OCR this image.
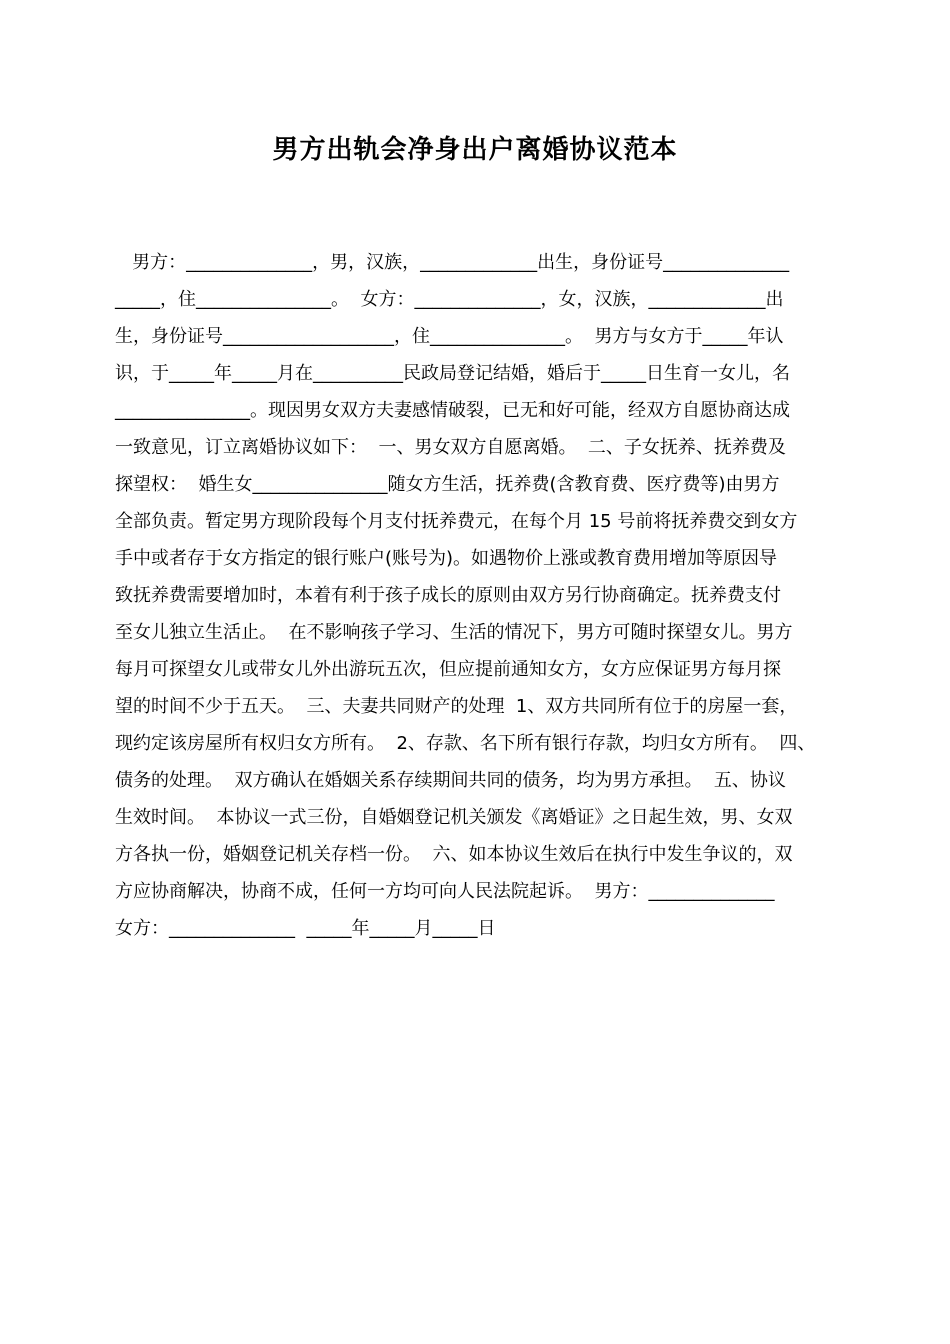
男方出轨会净身出户离婚协议范本

男方：______________，男，汉族，_____________出生，身份证号______________

_____，住_______________。  女方：______________，女，汉族，_____________出

生，身份证号___________________，住_______________。  男方与女方于_____年认

识，于_____年_____月在__________民政局登记结婚，婚后于_____日生育一女儿，名

_______________。现因男女双方夫妻感情破裂，已无和好可能，经双方自愿协商达成

一致意见，订立离婚协议如下：  一、男女双方自愿离婚。  二、子女抚养、抚养费及

探望权：  婚生女_______________随女方生活，抚养费(含教育费、医疗费等)由男方

全部负责。暂定男方现阶段每个月支付抚养费元，在每个月 15 号前将抚养费交到女方

手中或者存于女方指定的银行账户(账号为)。如遇物价上涨或教育费用增加等原因导

致抚养费需要增加时，本着有利于孩子成长的原则由双方另行协商确定。抚养费支付

至女儿独立生活止。  在不影响孩子学习、生活的情况下，男方可随时探望女儿。男方

每月可探望女儿或带女儿外出游玩五次，但应提前通知女方，女方应保证男方每月探

望的时间不少于五天。  三、夫妻共同财产的处理  1、双方共同所有位于的房屋一套，

现约定该房屋所有权归女方所有。  2、存款、名下所有银行存款，均归女方所有。  四、

债务的处理。  双方确认在婚姻关系存续期间共同的债务，均为男方承担。  五、协议

生效时间。  本协议一式三份，自婚姻登记机关颁发《离婚证》之日起生效，男、女双

方各执一份，婚姻登记机关存档一份。  六、如本协议生效后在执行中发生争议的，双

方应协商解决，协商不成，任何一方均可向人民法院起诉。  男方：______________

女方：______________  _____年_____月_____日
